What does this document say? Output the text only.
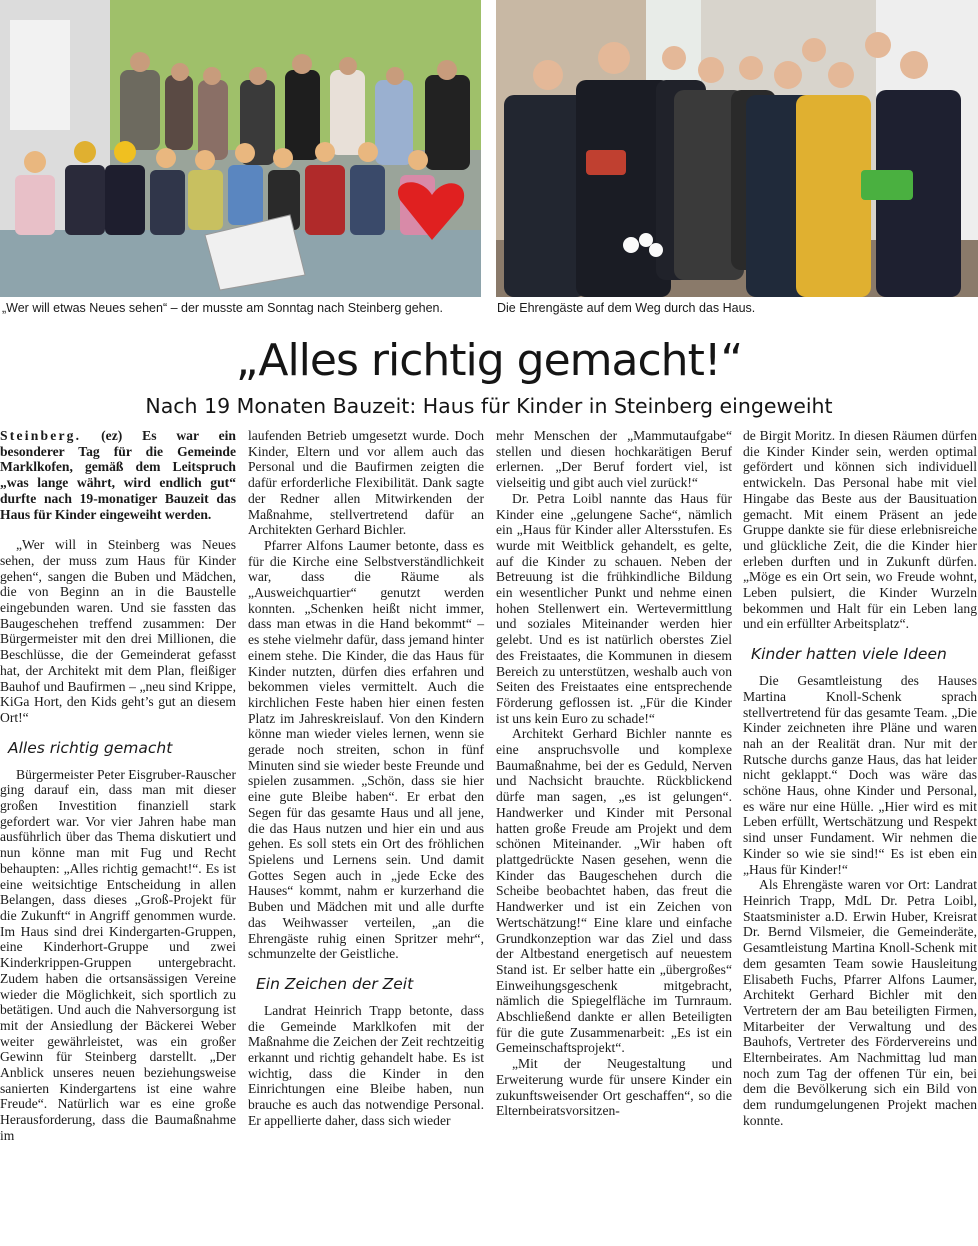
„Wer will etwas Neues sehen“ – der musste am Sonntag nach Steinberg gehen.	Die Ehrengäste auf dem Weg durch das Haus.
„Alles richtig gemacht!“
Nach 19 Monaten Bauzeit: Haus für Kinder in Steinberg eingeweiht

Steinberg. (ez) Es war ein besonderer Tag für die Gemeinde Marklkofen, gemäß dem Leitspruch „was lange währt, wird endlich gut“ durfte nach 19-monatiger Bauzeit das Haus für Kinder eingeweiht werden.

„Wer will in Steinberg was Neues sehen, der muss zum Haus für Kinder gehen“, sangen die Buben und Mädchen, die von Beginn an in die Baustelle eingebunden waren. Und sie fassten das Baugeschehen treffend zusammen: Der Bürgermeister mit den drei Millionen, die Beschlüsse, die der Gemeinderat gefasst hat, der Architekt mit dem Plan, fleißiger Bauhof und Baufirmen – „neu sind Krippe, KiGa Hort, den Kids geht’s gut an diesem Ort!“

Alles richtig gemacht

Bürgermeister Peter Eisgruber-Rauscher ging darauf ein, dass man mit dieser großen Investition finanziell stark gefordert war. Vor vier Jahren habe man ausführlich über das Thema diskutiert und nun könne man mit Fug und Recht behaupten: „Alles richtig gemacht!“. Es ist eine weitsichtige Entscheidung in allen Belangen, dass dieses „Groß-Projekt für die Zukunft“ in Angriff genommen wurde. Im Haus sind drei Kindergarten-Gruppen, eine Kinderhort-Gruppe und zwei Kinderkrippen-Gruppen untergebracht. Zudem haben die ortsansässigen Vereine wieder die Möglichkeit, sich sportlich zu betätigen. Und auch die Nahversorgung ist mit der Ansiedlung der Bäckerei Weber weiter gewährleistet, was ein großer Gewinn für Steinberg darstellt. „Der Anblick unseres neuen beziehungsweise sanierten Kindergartens ist eine wahre Freude“. Natürlich war es eine große Herausforderung, dass die Baumaßnahme im

laufenden Betrieb umgesetzt wurde. Doch Kinder, Eltern und vor allem auch das Personal und die Baufirmen zeigten die dafür erforderliche Flexibilität. Dank sagte der Redner allen Mitwirkenden der Maßnahme, stellvertretend dafür an Architekten Gerhard Bichler.

Pfarrer Alfons Laumer betonte, dass es für die Kirche eine Selbstverständlichkeit war, dass die Räume als „Ausweichquartier“ genutzt werden konnten. „Schenken heißt nicht immer, dass man etwas in die Hand bekommt“ – es stehe vielmehr dafür, dass jemand hinter einem stehe. Die Kinder, die das Haus für Kinder nutzten, dürfen dies erfahren und bekommen vieles vermittelt. Auch die kirchlichen Feste haben hier einen festen Platz im Jahreskreislauf. Von den Kindern könne man wieder vieles lernen, wenn sie gerade noch streiten, schon in fünf Minuten sind sie wieder beste Freunde und spielen zusammen. „Schön, dass sie hier eine gute Bleibe haben“. Er erbat den Segen für das gesamte Haus und all jene, die das Haus nutzen und hier ein und aus gehen. Es soll stets ein Ort des fröhlichen Spielens und Lernens sein. Und damit Gottes Segen auch in „jede Ecke des Hauses“ kommt, nahm er kurzerhand die Buben und Mädchen mit und alle durfte das Weihwasser verteilen, „an die Ehrengäste ruhig einen Spritzer mehr“, schmunzelte der Geistliche.

Ein Zeichen der Zeit

Landrat Heinrich Trapp betonte, dass die Gemeinde Marklkofen mit der Maßnahme die Zeichen der Zeit rechtzeitig erkannt und richtig gehandelt habe. Es ist wichtig, dass die Kinder in den Einrichtungen eine Bleibe haben, nun brauche es auch das notwendige Personal. Er appellierte daher, dass sich wieder

mehr Menschen der „Mammutaufgabe“ stellen und diesen hochkarätigen Beruf erlernen. „Der Beruf fordert viel, ist vielseitig und gibt auch viel zurück!“

Dr. Petra Loibl nannte das Haus für Kinder eine „gelungene Sache“, nämlich ein „Haus für Kinder aller Altersstufen. Es wurde mit Weitblick gehandelt, es gelte, auf die Kinder zu schauen. Neben der Betreuung ist die frühkindliche Bildung ein wesentlicher Punkt und nehme einen hohen Stellenwert ein. Wertevermittlung und soziales Miteinander werden hier gelebt. Und es ist natürlich oberstes Ziel des Freistaates, die Kommunen in diesem Bereich zu unterstützen, weshalb auch von Seiten des Freistaates eine entsprechende Förderung geflossen ist. „Für die Kinder ist uns kein Euro zu schade!“

Architekt Gerhard Bichler nannte es eine anspruchsvolle und komplexe Baumaßnahme, bei der es Geduld, Nerven und Nachsicht brauchte. Rückblickend dürfe man sagen, „es ist gelungen“. Handwerker und Kinder mit Personal hatten große Freude am Projekt und dem schönen Miteinander. „Wir haben oft plattgedrückte Nasen gesehen, wenn die Kinder das Baugeschehen durch die Scheibe beobachtet haben, das freut die Handwerker und ist ein Zeichen von Wertschätzung!“ Eine klare und einfache Grundkonzeption war das Ziel und dass der Altbestand energetisch auf neuestem Stand ist. Er selber hatte ein „übergroßes“ Einweihungsgeschenk mitgebracht, nämlich die Spiegelfläche im Turnraum. Abschließend dankte er allen Beteiligten für die gute Zusammenarbeit: „Es ist ein Gemeinschaftsprojekt“.

„Mit der Neugestaltung und Erweiterung wurde für unsere Kinder ein zukunftsweisender Ort geschaffen“, so die Elternbeiratsvorsitzen-

de Birgit Moritz. In diesen Räumen dürfen die Kinder Kinder sein, werden optimal gefördert und können sich individuell entwickeln. Das Personal habe mit viel Hingabe das Beste aus der Bausituation gemacht. Mit einem Präsent an jede Gruppe dankte sie für diese erlebnisreiche und glückliche Zeit, die die Kinder hier erleben durften und in Zukunft dürfen. „Möge es ein Ort sein, wo Freude wohnt, Leben pulsiert, die Kinder Wurzeln bekommen und Halt für ein Leben lang und ein erfüllter Arbeitsplatz“.

Kinder hatten viele Ideen

Die Gesamtleistung des Hauses Martina Knoll-Schenk sprach stellvertretend für das gesamte Team. „Die Kinder zeichneten ihre Pläne und waren nah an der Realität dran. Nur mit der Rutsche durchs ganze Haus, das hat leider nicht geklappt.“ Doch was wäre das schöne Haus, ohne Kinder und Personal, es wäre nur eine Hülle. „Hier wird es mit Leben erfüllt, Wertschätzung und Respekt sind unser Fundament. Wir nehmen die Kinder so wie sie sind!“ Es ist eben ein „Haus für Kinder!“

Als Ehrengäste waren vor Ort: Landrat Heinrich Trapp, MdL Dr. Petra Loibl, Staatsminister a.D. Erwin Huber, Kreisrat Dr. Bernd Vilsmeier, die Gemeinderäte, Gesamtleistung Martina Knoll-Schenk mit dem gesamten Team sowie Hausleitung Elisabeth Fuchs, Pfarrer Alfons Laumer, Architekt Gerhard Bichler mit den Vertretern der am Bau beteiligten Firmen, Mitarbeiter der Verwaltung und des Bauhofs, Vertreter des Fördervereins und Elternbeirates. Am Nachmittag lud man noch zum Tag der offenen Tür ein, bei dem die Bevölkerung sich ein Bild von dem rundumgelungenen Projekt machen konnte.
